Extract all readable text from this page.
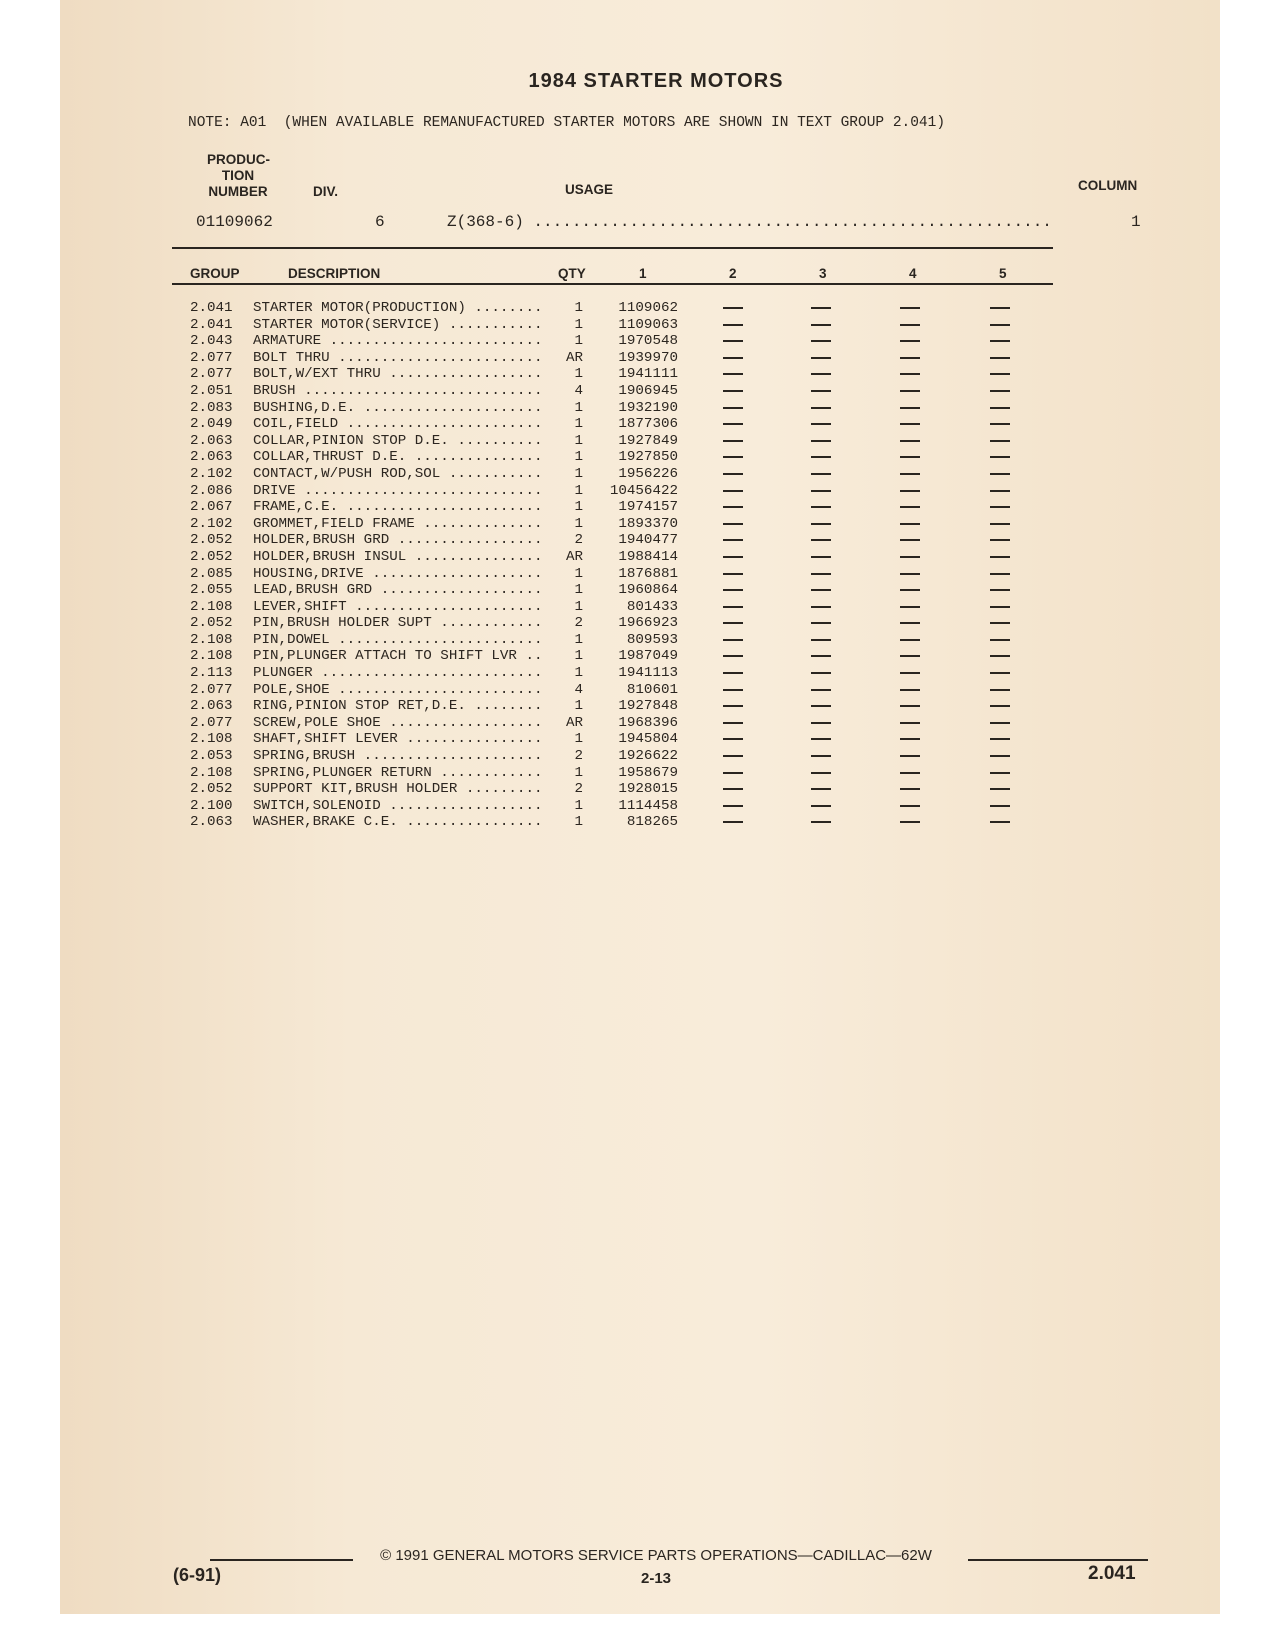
1984 STARTER MOTORS
NOTE: A01  (WHEN AVAILABLE REMANUFACTURED STARTER MOTORS ARE SHOWN IN TEXT GROUP 2.041)
PRODUC-
TION
NUMBER	DIV.	USAGE	COLUMN
01109062	6	Z(368-6) ......................................................	1
GROUP	DESCRIPTION	QTY	1	2	3	4	5
2.041 STARTER MOTOR(PRODUCTION) ........	1	1109062
2.041 STARTER MOTOR(SERVICE) ...........	1	1109063
2.043 ARMATURE .........................	1	1970548
2.077 BOLT THRU ........................	AR	1939970
2.077 BOLT,W/EXT THRU ..................	1	1941111
2.051 BRUSH ............................	4	1906945
2.083 BUSHING,D.E. .....................	1	1932190
2.049 COIL,FIELD .......................	1	1877306
2.063 COLLAR,PINION STOP D.E. ..........	1	1927849
2.063 COLLAR,THRUST D.E. ...............	1	1927850
2.102 CONTACT,W/PUSH ROD,SOL ...........	1	1956226
2.086 DRIVE ............................	1	10456422
2.067 FRAME,C.E. .......................	1	1974157
2.102 GROMMET,FIELD FRAME ..............	1	1893370
2.052 HOLDER,BRUSH GRD .................	2	1940477
2.052 HOLDER,BRUSH INSUL ...............	AR	1988414
2.085 HOUSING,DRIVE ....................	1	1876881
2.055 LEAD,BRUSH GRD ...................	1	1960864
2.108 LEVER,SHIFT ......................	1	801433
2.052 PIN,BRUSH HOLDER SUPT ............	2	1966923
2.108 PIN,DOWEL ........................	1	809593
2.108 PIN,PLUNGER ATTACH TO SHIFT LVR ..	1	1987049
2.113 PLUNGER ..........................	1	1941113
2.077 POLE,SHOE ........................	4	810601
2.063 RING,PINION STOP RET,D.E. ........	1	1927848
2.077 SCREW,POLE SHOE ..................	AR	1968396
2.108 SHAFT,SHIFT LEVER ................	1	1945804
2.053 SPRING,BRUSH .....................	2	1926622
2.108 SPRING,PLUNGER RETURN ............	1	1958679
2.052 SUPPORT KIT,BRUSH HOLDER .........	2	1928015
2.100 SWITCH,SOLENOID ..................	1	1114458
2.063 WASHER,BRAKE C.E. ................	1	818265
© 1991 GENERAL MOTORS SERVICE PARTS OPERATIONS—CADILLAC—62W
(6-91)	2-13	2.041
